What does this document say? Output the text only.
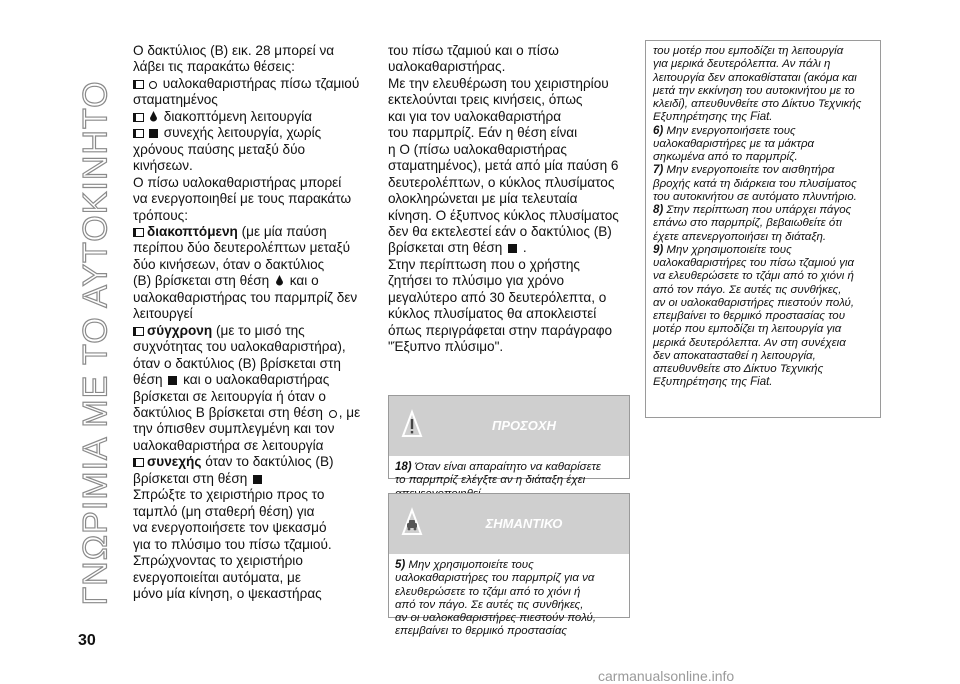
ΓΝΩΡΙΜΙΑ ΜΕ ΤΟ ΑΥΤΟΚΙΝΗΤΟ

Ο δακτύλιος (B) εικ. 28 μπορεί να

λάβει τις παρακάτω θέσεις:

υαλοκαθαριστήρας πίσω τζαμιού

σταματημένος

διακοπτόμενη λειτουργία

συνεχής λειτουργία, χωρίς

χρόνους παύσης μεταξύ δύο

κινήσεων.

Ο πίσω υαλοκαθαριστήρας μπορεί

να ενεργοποιηθεί με τους παρακάτω

τρόπους:

διακοπτόμενη (με μία παύση

περίπου δύο δευτερολέπτων μεταξύ

δύο κινήσεων, όταν ο δακτύλιος

(B) βρίσκεται στη θέση και ο

υαλοκαθαριστήρας του παρμπρίζ δεν

λειτουργεί

σύγχρονη (με το μισό της

συχνότητας του υαλοκαθαριστήρα),

όταν ο δακτύλιος (B) βρίσκεται στη

θέση και ο υαλοκαθαριστήρας

βρίσκεται σε λειτουργία ή όταν ο

δακτύλιος B βρίσκεται στη θέση , με

την όπισθεν συμπλεγμένη και τον

υαλοκαθαριστήρα σε λειτουργία

συνεχής όταν το δακτύλιος (B)

βρίσκεται στη θέση

Σπρώξτε το χειριστήριο προς το

ταμπλό (μη σταθερή θέση) για

να ενεργοποιήσετε τον ψεκασμό

για το πλύσιμο του πίσω τζαμιού.

Σπρώχνοντας το χειριστήριο

ενεργοποιείται αυτόματα, με

μόνο μία κίνηση, ο ψεκαστήρας

του πίσω τζαμιού και ο πίσω

υαλοκαθαριστήρας.

Με την ελευθέρωση του χειριστηρίου

εκτελούνται τρεις κινήσεις, όπως

και για τον υαλοκαθαριστήρα

του παρμπρίζ. Εάν η θέση είναι

η O (πίσω υαλοκαθαριστήρας

σταματημένος), μετά από μία παύση 6

δευτερολέπτων, ο κύκλος πλυσίματος

ολοκληρώνεται με μία τελευταία

κίνηση. Ο έξυπνος κύκλος πλυσίματος

δεν θα εκτελεστεί εάν ο δακτύλιος (B)

βρίσκεται στη θέση .

Στην περίπτωση που ο χρήστης

ζητήσει το πλύσιμο για χρόνο

μεγαλύτερο από 30 δευτερόλεπτα, ο

κύκλος πλυσίματος θα αποκλειστεί

όπως περιγράφεται στην παράγραφο

"Έξυπνο πλύσιμο".

ΠΡΟΣΟΧΗ
18) Όταν είναι απαραίτητο να καθαρίσετε
το παρμπρίζ ελέγξτε αν η διάταξη έχει
ΣΗΜΑΝΤΙΚΟ
5) Μην χρησιμοποιείτε τους
υαλοκαθαριστήρες του παρμπρίζ για να
ελευθερώσετε το τζάμι από το χιόνι ή
από τον πάγο. Σε αυτές τις συνθήκες,
αν οι υαλοκαθαριστήρες πιεστούν πολύ,
επεμβαίνει το θερμικό προστασίας

του μοτέρ που εμποδίζει τη λειτουργία

για μερικά δευτερόλεπτα. Αν πάλι η

λειτουργία δεν αποκαθίσταται (ακόμα και

μετά την εκκίνηση του αυτοκινήτου με το

κλειδί), απευθυνθείτε στο Δίκτυο Τεχνικής

Εξυπηρέτησης της Fiat.

6) Μην ενεργοποιήσετε τους

υαλοκαθαριστήρες με τα μάκτρα

σηκωμένα από το παρμπρίζ.

7) Μην ενεργοποιείτε τον αισθητήρα

βροχής κατά τη διάρκεια του πλυσίματος

του αυτοκινήτου σε αυτόματο πλυντήριο.

8) Στην περίπτωση που υπάρχει πάγος

επάνω στο παρμπρίζ, βεβαιωθείτε ότι

έχετε απενεργοποιήσει τη διάταξη.

9) Μην χρησιμοποιείτε τους

υαλοκαθαριστήρες του πίσω τζαμιού για

να ελευθερώσετε το τζάμι από το χιόνι ή

από τον πάγο. Σε αυτές τις συνθήκες,

αν οι υαλοκαθαριστήρες πιεστούν πολύ,

επεμβαίνει το θερμικό προστασίας του

μοτέρ που εμποδίζει τη λειτουργία για

μερικά δευτερόλεπτα. Αν στη συνέχεια

δεν αποκατασταθεί η λειτουργία,

απευθυνθείτε στο Δίκτυο Τεχνικής

Εξυπηρέτησης της Fiat.

30
carmanualsonline.info
